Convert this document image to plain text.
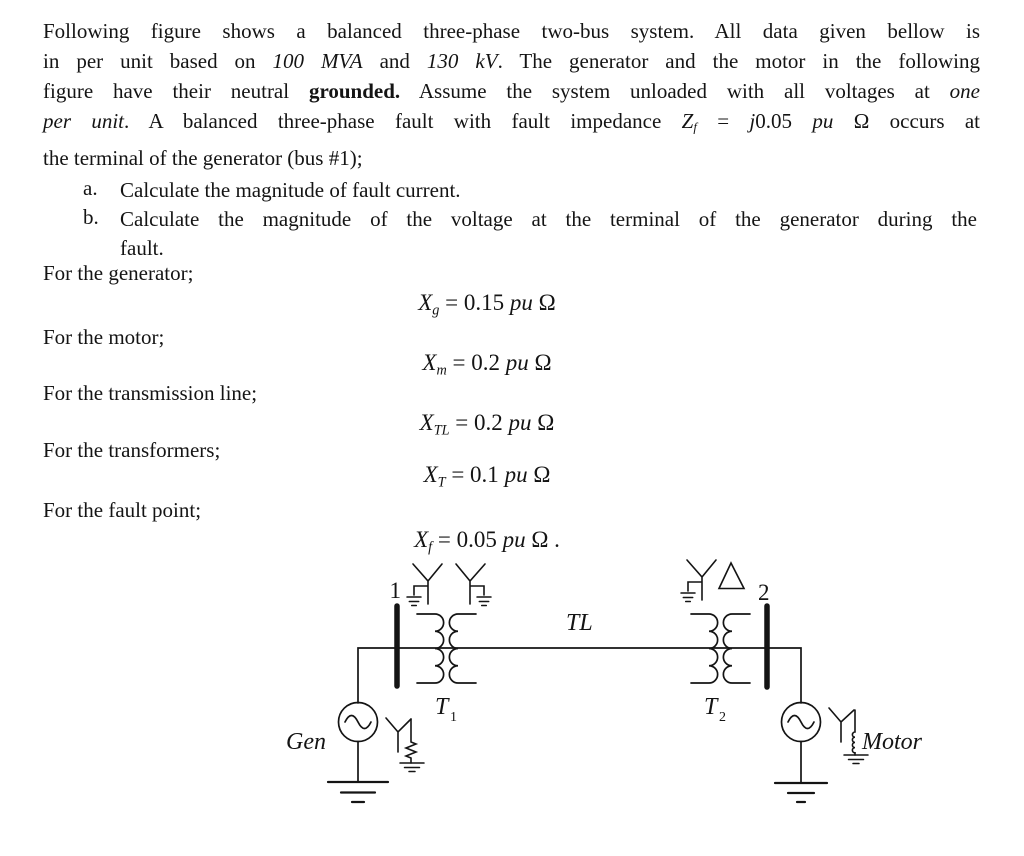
Following figure shows a balanced three-phase two-bus system. All data given bellow is
in per unit based on 100 MVA and 130 kV. The generator and the motor in the following
figure have their neutral grounded. Assume the system unloaded with all voltages at one
per unit. A balanced three-phase fault with fault impedance $Z_f = j0.05$ pu Ω occurs at
the terminal of the generator (bus #1);
a. Calculate the magnitude of fault current.
b. Calculate the magnitude of the voltage at the terminal of the generator during the
fault.
For the generator;
$X_g = 0.15$ pu Ω
For the motor;
$X_m = 0.2$ pu Ω
For the transmission line;
$X_{TL} = 0.2$ pu Ω
For the transformers;
$X_T = 0.1$ pu Ω
For the fault point;
$X_f = 0.05$ pu Ω .
1	2
TL
T 1	T 2
Gen	Motor
